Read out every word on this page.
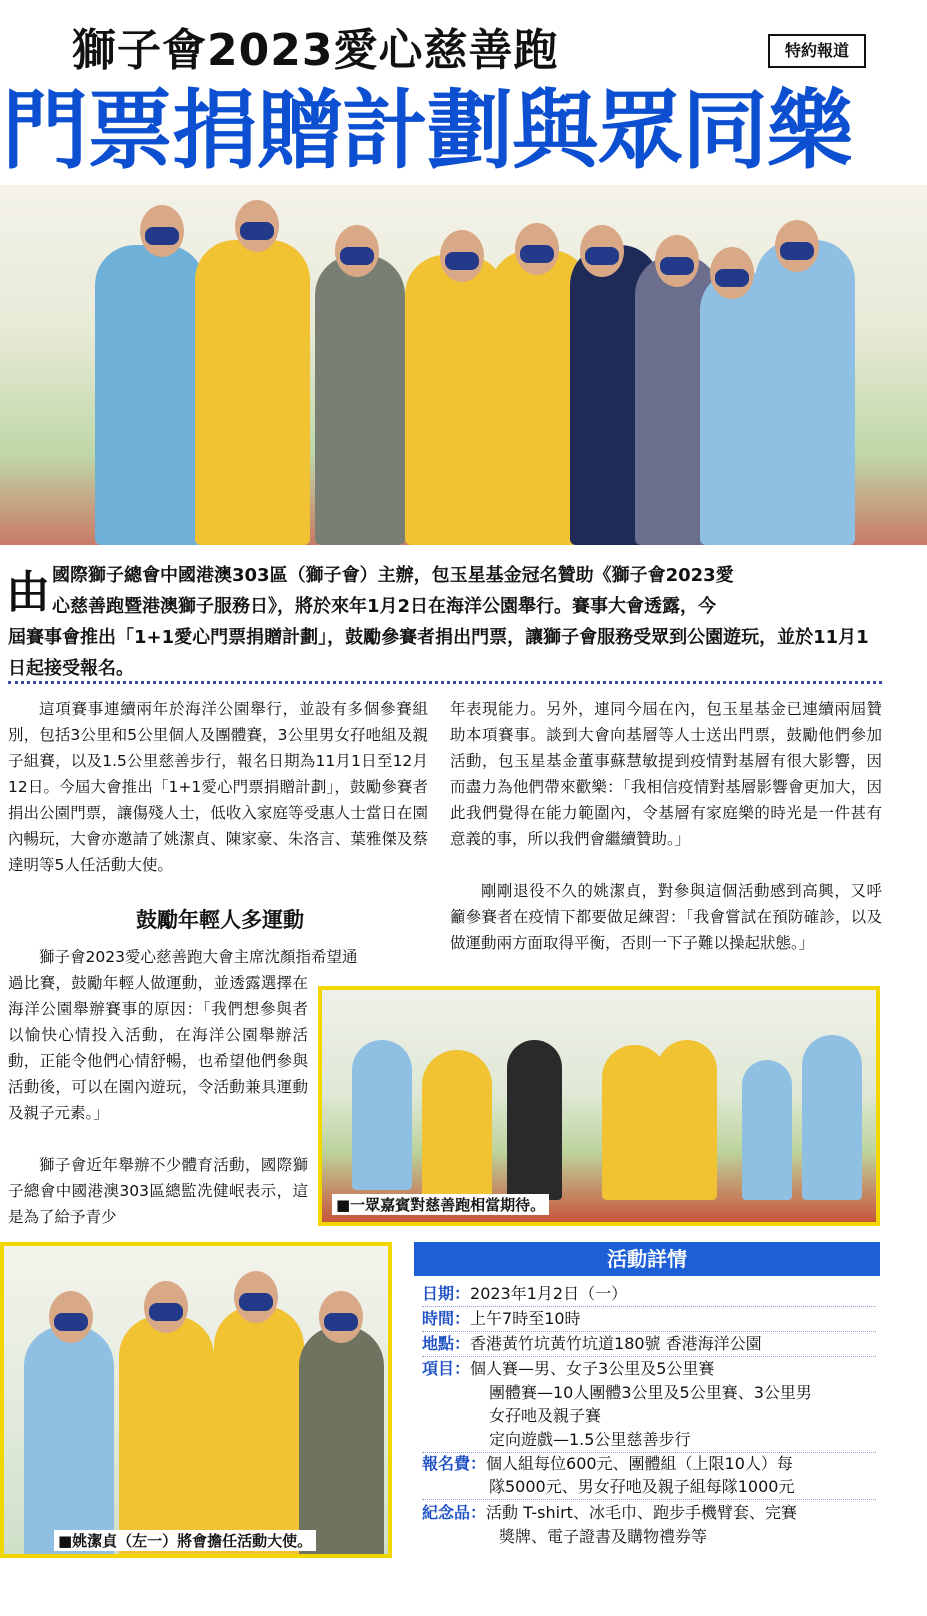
獅子會2023愛心慈善跑	特約報道
門票捐贈計劃與眾同樂
由 國際獅子總會中國港澳303區（獅子會）主辦，包玉星基金冠名贊助《獅子會2023愛
心慈善跑暨港澳獅子服務日》，將於來年1月2日在海洋公園舉行。賽事大會透露，今
屆賽事會推出「1+1愛心門票捐贈計劃」，鼓勵參賽者捐出門票，讓獅子會服務受眾到公園遊玩，並於11月1日起接受報名。
這項賽事連續兩年於海洋公園舉行，並設有多個參賽組別，包括3公里和5公里個人及團體賽，3公里男女孖吔組及親子組賽，以及1.5公里慈善步行，報名日期為11月1日至12月12日。今屆大會推出「1+1愛心門票捐贈計劃」，鼓勵參賽者捐出公園門票，讓傷殘人士，低收入家庭等受惠人士當日在園內暢玩，大會亦邀請了姚潔貞、陳家豪、朱洛言、葉雅傑及蔡達明等5人任活動大使。
鼓勵年輕人多運動
獅子會2023愛心慈善跑大會主席沈顏指希望通
過比賽，鼓勵年輕人做運動，並透露選擇在海洋公園舉辦賽事的原因：「我們想參與者以愉快心情投入活動，在海洋公園舉辦活動，正能令他們心情舒暢，也希望他們參與活動後，可以在園內遊玩，令活動兼具運動及親子元素。」
獅子會近年舉辦不少體育活動，國際獅子總會中國港澳303區總監冼健岷表示，這是為了給予青少
年表現能力。另外，連同今屆在內，包玉星基金已連續兩屆贊助本項賽事。談到大會向基層等人士送出門票，鼓勵他們參加活動，包玉星基金董事蘇慧敏提到疫情對基層有很大影響，因而盡力為他們帶來歡樂：「我相信疫情對基層影響會更加大，因此我們覺得在能力範圍內，令基層有家庭樂的時光是一件甚有意義的事，所以我們會繼續贊助。」
剛剛退役不久的姚潔貞，對參與這個活動感到高興，又呼籲參賽者在疫情下都要做足練習：「我會嘗試在預防確診，以及做運動兩方面取得平衡，否則一下子難以操起狀態。」
■一眾嘉賓對慈善跑相當期待。
■姚潔貞（左一）將會擔任活動大使。
活動詳情
日期：2023年1月2日（一）
時間：上午7時至10時
地點：香港黃竹坑黃竹坑道180號 香港海洋公園
項目：個人賽—男、女子3公里及5公里賽
團體賽—10人團體3公里及5公里賽、3公里男
女孖吔及親子賽
定向遊戲—1.5公里慈善步行
報名費：個人組每位600元、團體組（上限10人）每
隊5000元、男女孖吔及親子組每隊1000元
紀念品：活動 T-shirt、冰毛巾、跑步手機臂套、完賽
獎牌、電子證書及購物禮券等
